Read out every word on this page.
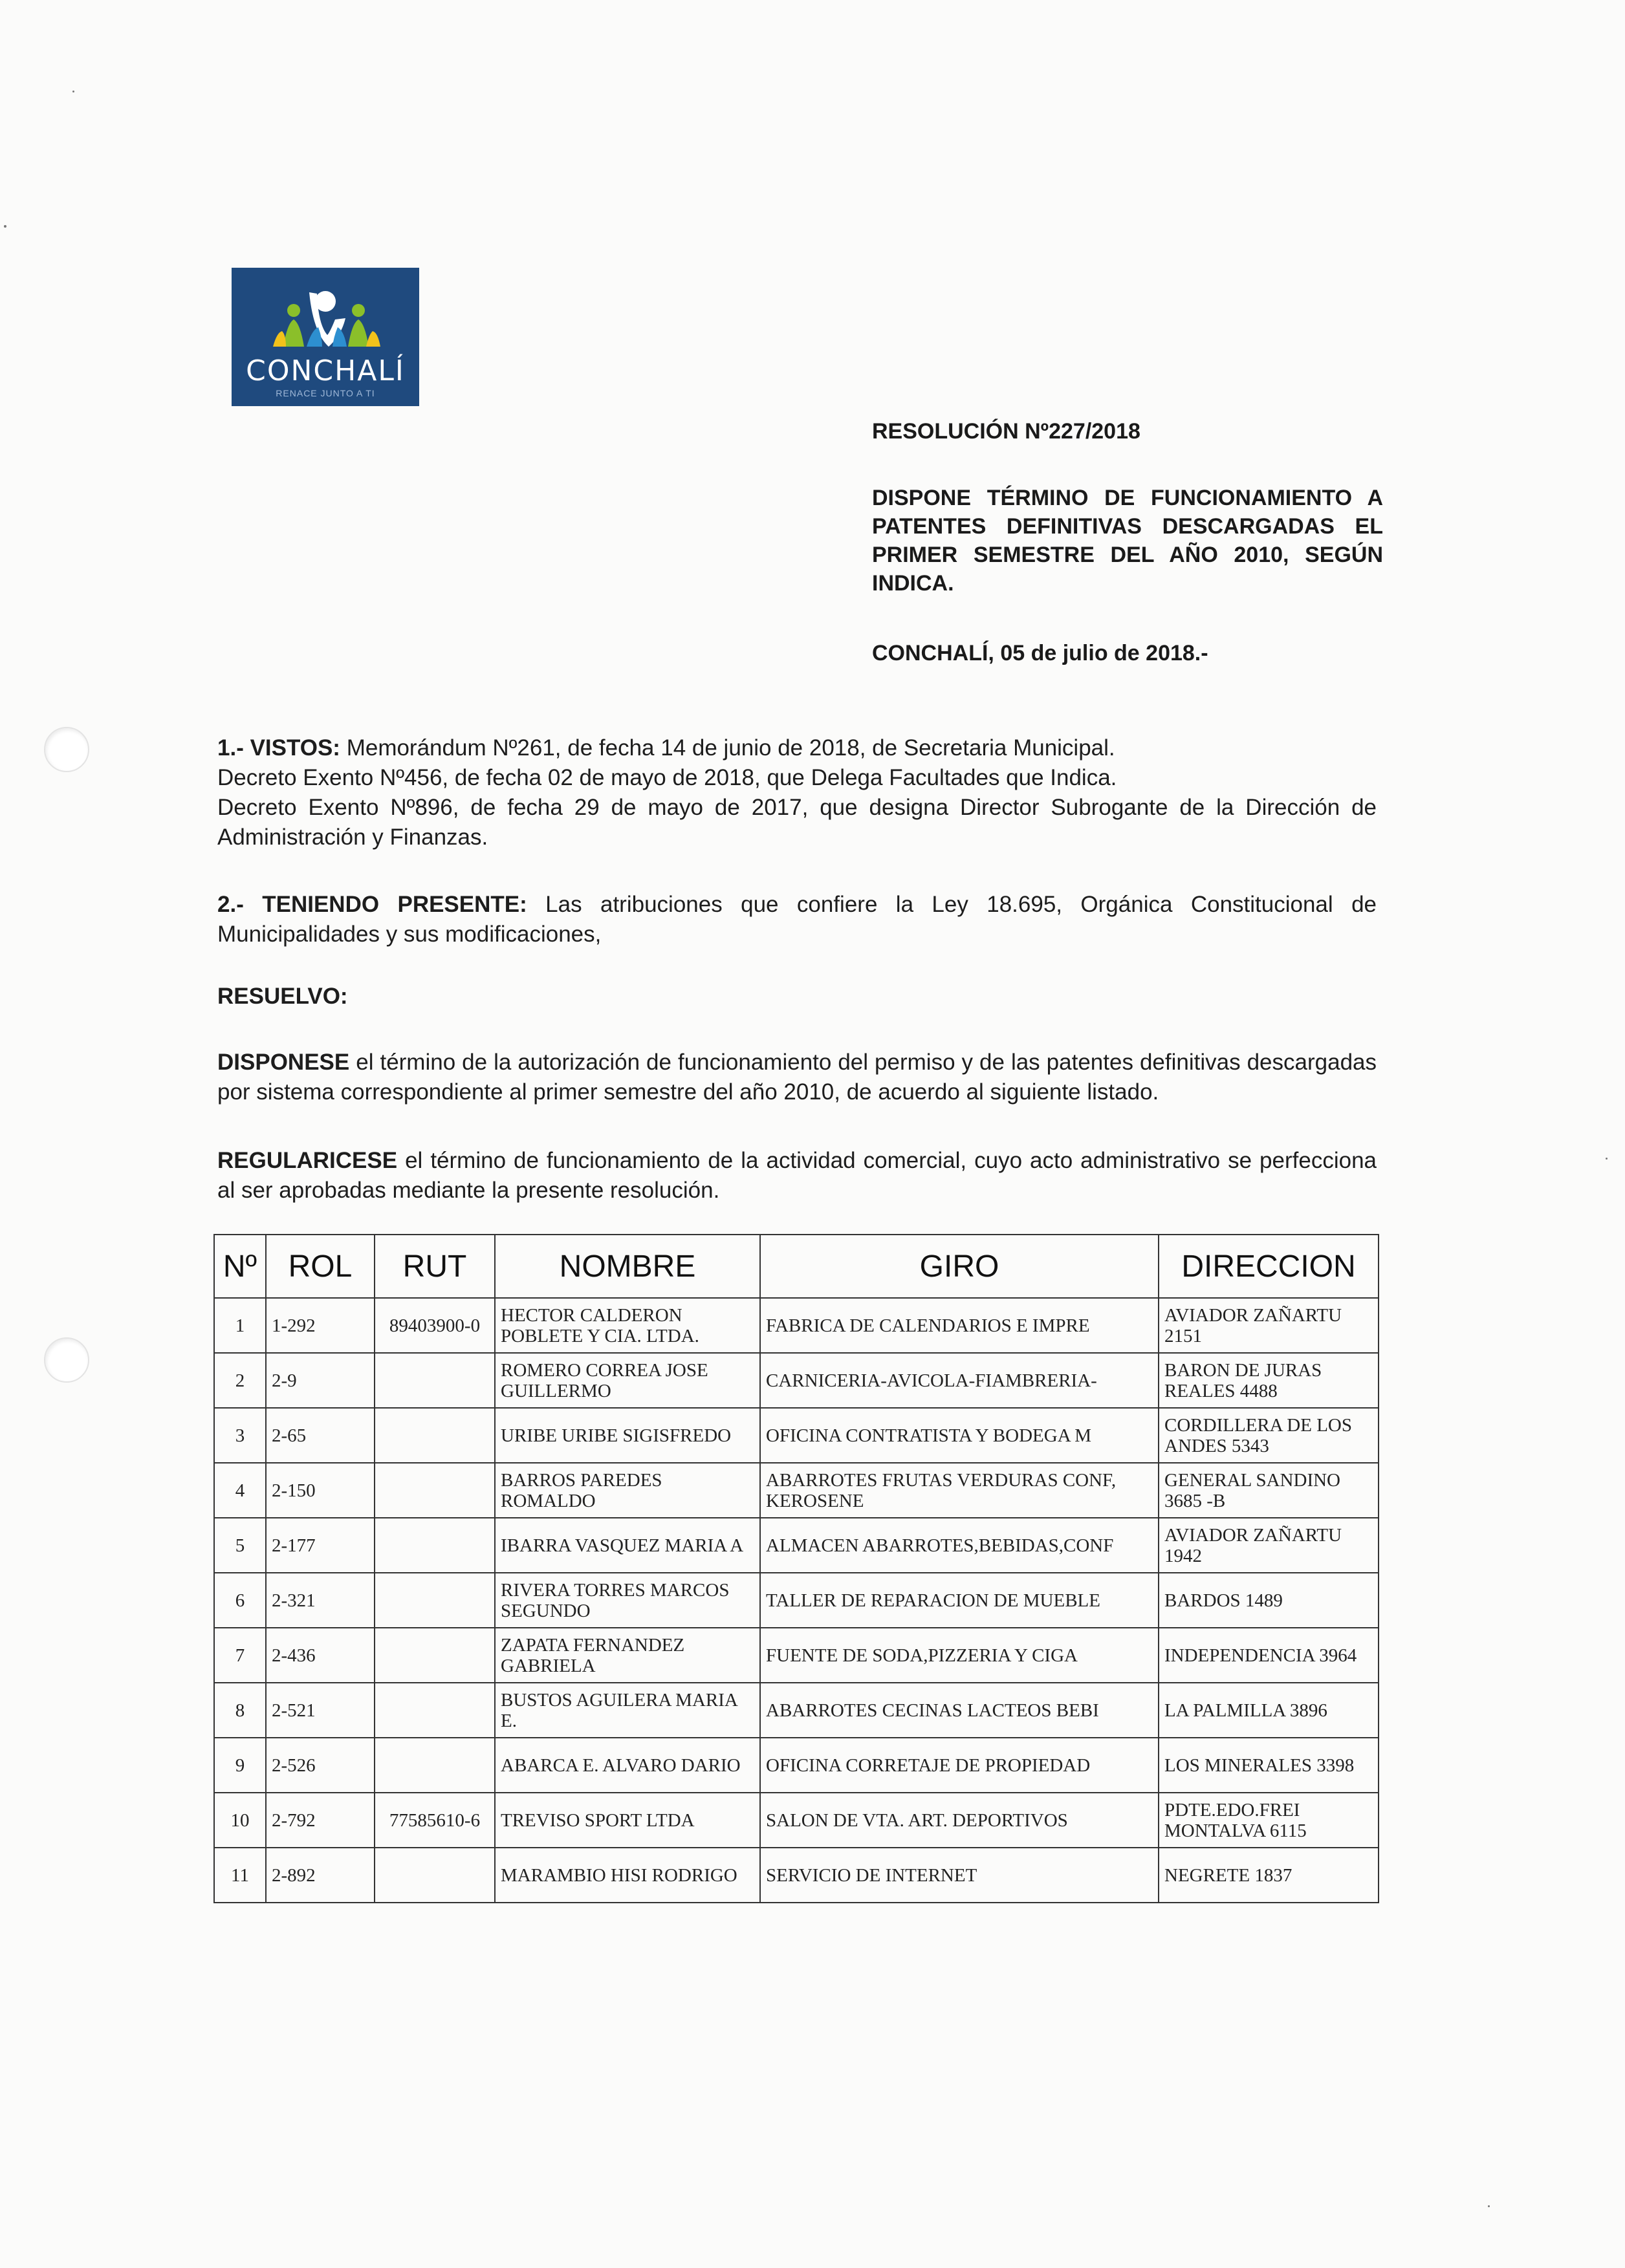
CONCHALÍ
RENACE JUNTO A TI
RESOLUCIÓN Nº227/2018
DISPONE TÉRMINO DE FUNCIONAMIENTO A PATENTES DEFINITIVAS DESCARGADAS EL PRIMER SEMESTRE DEL AÑO 2010, SEGÚN INDICA.
CONCHALÍ, 05 de julio de 2018.-
1.- VISTOS: Memorándum Nº261, de fecha 14 de junio de 2018, de Secretaria Municipal.
Decreto Exento Nº456, de fecha 02 de mayo de 2018, que Delega Facultades que Indica.
Decreto Exento Nº896, de fecha 29 de mayo de 2017, que designa Director Subrogante de la Dirección de Administración y Finanzas.
2.- TENIENDO PRESENTE: Las atribuciones que confiere la Ley 18.695, Orgánica Constitucional de Municipalidades y sus modificaciones,
RESUELVO:
DISPONESE el término de la autorización de funcionamiento del permiso y de las patentes definitivas descargadas por sistema correspondiente al primer semestre del año 2010, de acuerdo al siguiente listado.
REGULARICESE el término de funcionamiento de la actividad comercial, cuyo acto administrativo se perfecciona al ser aprobadas mediante la presente resolución.
Nº	ROL	RUT	NOMBRE	GIRO	DIRECCION
1	1-292	89403900-0	HECTOR CALDERON POBLETE Y CIA. LTDA.	FABRICA DE CALENDARIOS E IMPRE	AVIADOR ZAÑARTU 2151
2	2-9		ROMERO CORREA JOSE GUILLERMO	CARNICERIA-AVICOLA-FIAMBRERIA-	BARON DE JURAS REALES 4488
3	2-65		URIBE URIBE SIGISFREDO	OFICINA CONTRATISTA Y BODEGA M	CORDILLERA DE LOS ANDES 5343
4	2-150		BARROS PAREDES ROMALDO	ABARROTES FRUTAS VERDURAS CONF, KEROSENE	GENERAL SANDINO 3685 -B
5	2-177		IBARRA VASQUEZ MARIA A	ALMACEN ABARROTES,BEBIDAS,CONF	AVIADOR ZAÑARTU 1942
6	2-321		RIVERA TORRES MARCOS SEGUNDO	TALLER DE REPARACION DE MUEBLE	BARDOS 1489
7	2-436		ZAPATA FERNANDEZ GABRIELA	FUENTE DE SODA,PIZZERIA Y CIGA	INDEPENDENCIA 3964
8	2-521		BUSTOS AGUILERA MARIA E.	ABARROTES CECINAS LACTEOS BEBI	LA PALMILLA 3896
9	2-526		ABARCA E. ALVARO DARIO	OFICINA CORRETAJE DE PROPIEDAD	LOS MINERALES 3398
10	2-792	77585610-6	TREVISO SPORT LTDA	SALON DE VTA. ART. DEPORTIVOS	PDTE.EDO.FREI MONTALVA 6115
11	2-892		MARAMBIO HISI RODRIGO	SERVICIO DE INTERNET	NEGRETE 1837
